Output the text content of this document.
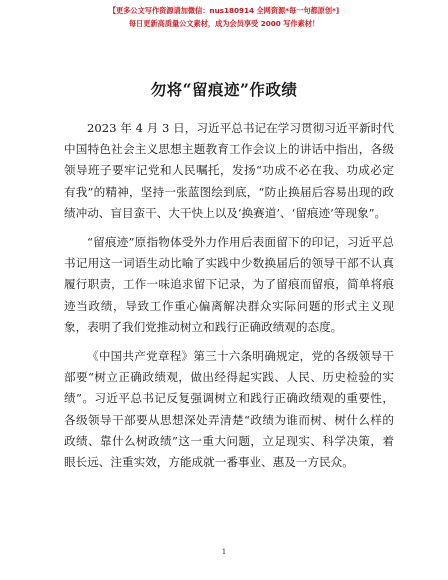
【更多公文写作资源请加微信：nus180914 全网资源*每一句都原创*]
每日更新高质量公文素材，成为会员享受 2000 写作素材！
勿将“留痕迹”作政绩

2023 年 4 月 3 日，习近平总书记在学习贯彻习近平新时代中国特色社会主义思想主题教育工作会议上的讲话中指出，各级领导班子要牢记党和人民嘱托，发扬“功成不必在我、功成必定有我”的精神，坚持一张蓝图绘到底，“防止换届后容易出现的政绩冲动、盲目蛮干、大干快上以及‘换赛道’、‘留痕迹’等现象”。

“留痕迹”原指物体受外力作用后表面留下的印记，习近平总书记用这一词语生动比喻了实践中少数换届后的领导干部不认真履行职责，工作一味追求留下记录，为了留痕而留痕，简单将痕迹当政绩，导致工作重心偏离解决群众实际问题的形式主义现象，表明了我们党推动树立和践行正确政绩观的态度。

《中国共产党章程》第三十六条明确规定，党的各级领导干部要“树立正确政绩观，做出经得起实践、人民、历史检验的实绩”。习近平总书记反复强调树立和践行正确政绩观的重要性，各级领导干部要从思想深处弄清楚“政绩为谁而树、树什么样的政绩、靠什么树政绩”这一重大问题，立足现实、科学决策，着眼长远、注重实效，方能成就一番事业、惠及一方民众。

1
